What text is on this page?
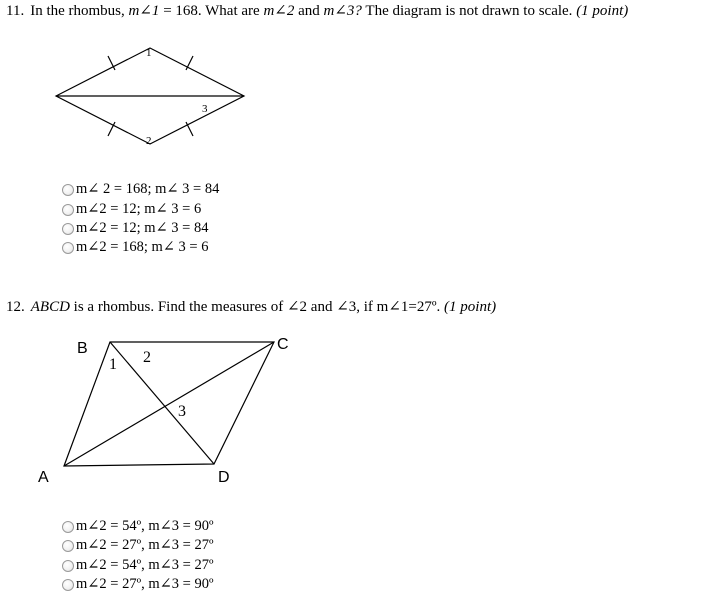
11. In the rhombus, m∠1 = 168. What are m∠2 and m∠3? The diagram is not drawn to scale. (1 point)
1
3
2
m∠ 2 = 168; m∠ 3 = 84
m∠2 = 12; m∠ 3 = 6
m∠2 = 12; m∠ 3 = 84
m∠2 = 168; m∠ 3 = 6
12. ABCD is a rhombus. Find the measures of ∠2 and ∠3, if m∠1=27º. (1 point)
1 2
3
B	C
A	D
m∠2 = 54º, m∠3 = 90º
m∠2 = 27º, m∠3 = 27º
m∠2 = 54º, m∠3 = 27º
m∠2 = 27º, m∠3 = 90º
